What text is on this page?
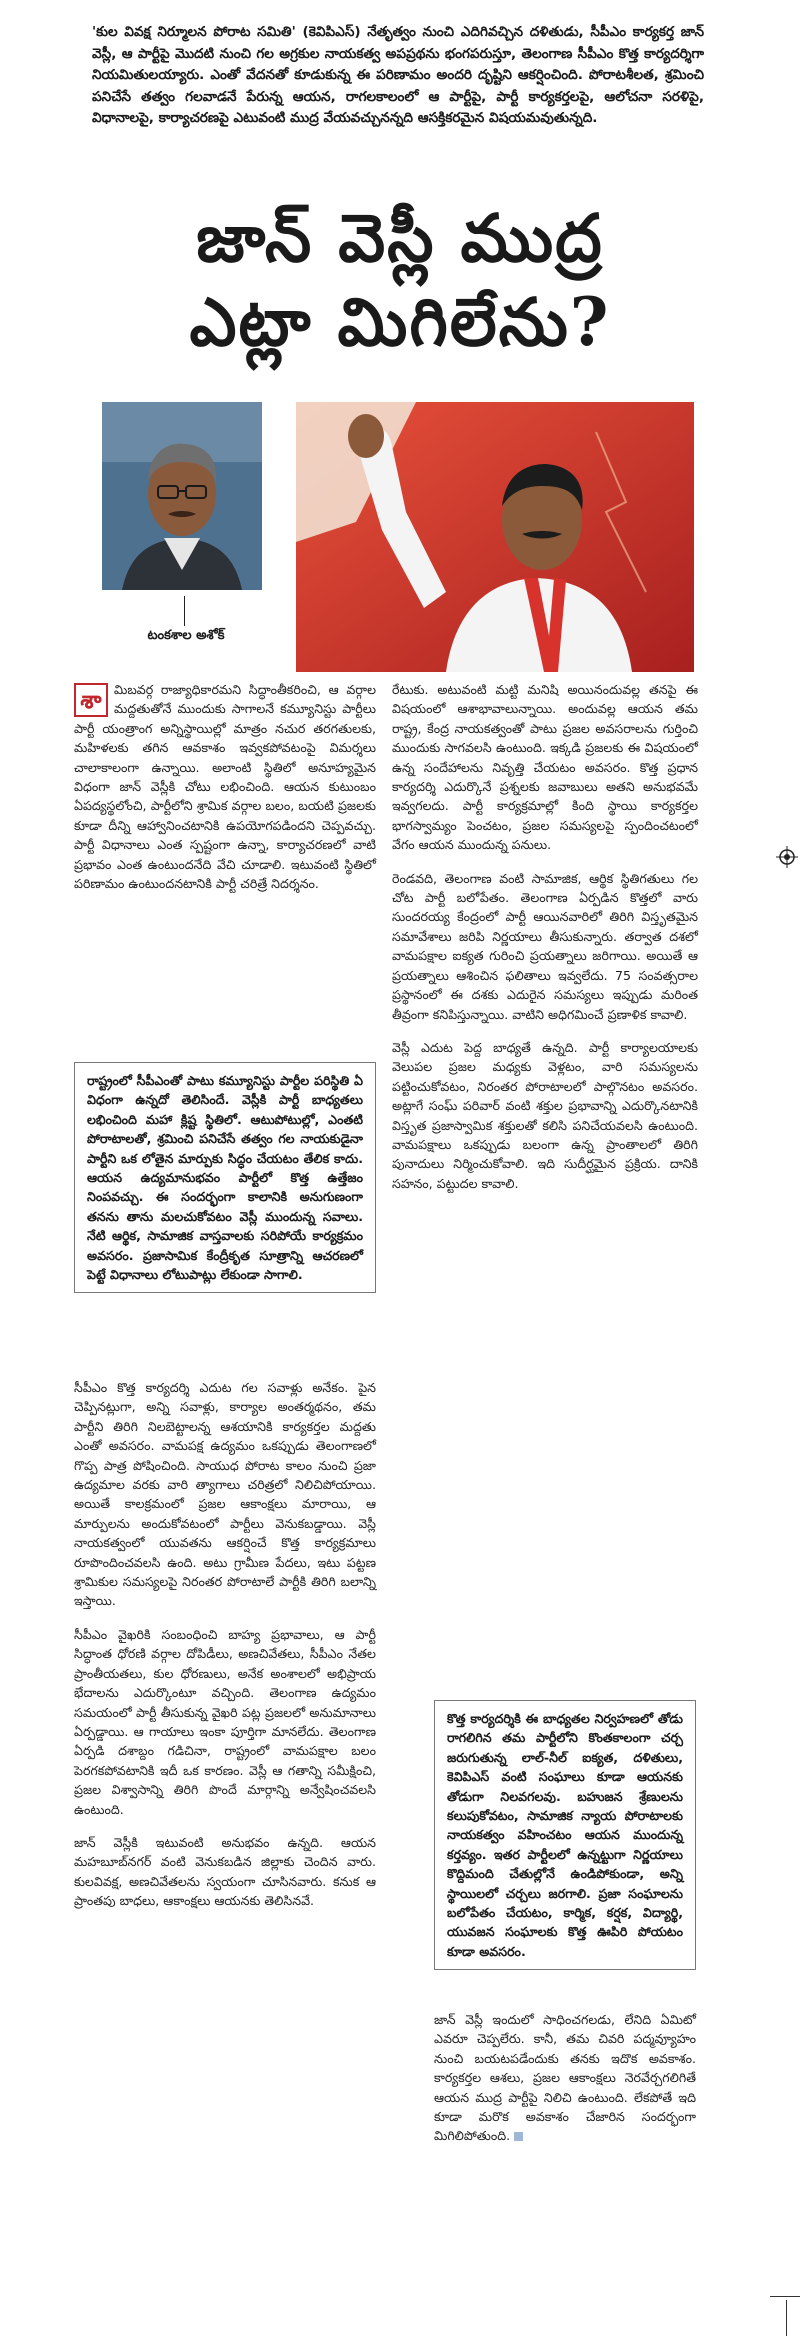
'కుల వివక్ష నిర్మూలన పోరాట సమితి' (కెవిపిఎస్) నేతృత్వం నుంచి ఎదిగివచ్చిన దళితుడు, సీపీఎం కార్యకర్త జాన్ వెస్లీ, ఆ పార్టీపై మొదటి నుంచి గల అగ్రకుల నాయకత్వ అపప్రథను భంగపరుస్తూ, తెలంగాణ సీపీఎం కొత్త కార్యదర్శిగా నియమితులయ్యారు. ఎంతో వేదనతో కూడుకున్న ఈ పరిణామం అందరి దృష్టిని ఆకర్షించింది. పోరాటశీలత, శ్రమించి పనిచేసే తత్వం గలవాడనే పేరున్న ఆయన, రాగలకాలంలో ఆ పార్టీపై, పార్టీ కార్యకర్తలపై, ఆలోచనా సరళిపై, విధానాలపై, కార్యాచరణపై ఎటువంటి ముద్ర వేయవచ్చునన్నది ఆసక్తికరమైన విషయమవుతున్నది.
జాన్ వెస్లీ ముద్ర
ఎట్లా మిగిలేను?
టంకశాల అశోక్

శా మిబవర్గ రాజ్యాధికారమని సిద్ధాంతీకరించి, ఆ వర్గాల మద్దతుతోనే ముందుకు సాగాలనే కమ్యూనిస్టు పార్టీలు పార్టీ యంత్రాంగ అన్నిస్థాయిల్లో మాత్రం నచుర తరగతులకు, మహిళలకు తగిన ఆవకాశం ఇవ్వకపోవటంపై విమర్శలు చాలాకాలంగా ఉన్నాయి. అలాంటి స్థితిలో అనూహ్యమైన విధంగా జాన్ వెస్లీకి చోటు లభించింది. ఆయన కుటుంబం ఏపద్యస్థలోంచి, పార్టీలోని శ్రామిక వర్గాల బలం, బయటి ప్రజలకు కూడా దీన్ని ఆహ్వానించటానికి ఉపయోగపడిందని చెప్పవచ్చు. పార్టీ విధానాలు ఎంత స్పష్టంగా ఉన్నా, కార్యాచరణలో వాటి ప్రభావం ఎంత ఉంటుందనేది వేచి చూడాలి. ఇటువంటి స్థితిలో పరిణామం ఉంటుందనటానికి పార్టీ చరిత్రే నిదర్శనం.

రాష్ట్రంలో సీపీఎంతో పాటు కమ్యూనిస్టు పార్టీల పరిస్థితి ఏ విధంగా ఉన్నదో తెలిసిందే. వెస్లీకి పార్టీ బాధ్యతలు లభించింది మహా క్లిష్ట స్థితిలో. ఆటుపోటుల్లో, ఎంతటి పోరాటాలతో, శ్రమించి పనిచేసే తత్వం గల నాయకుడైనా పార్టీని ఒక లోతైన మార్పుకు సిద్ధం చేయటం తేలిక కాదు. ఆయన ఉద్యమానుభవం పార్టీలో కొత్త ఉత్తేజం నింపవచ్చు. ఈ సందర్భంగా కాలానికి అనుగుణంగా తనను తాను మలచుకోవటం వెస్లీ ముందున్న సవాలు. నేటి ఆర్థిక, సామాజిక వాస్తవాలకు సరిపోయే కార్యక్రమం అవసరం. ప్రజాసామిక కేంద్రీకృత సూత్రాన్ని ఆచరణలో పెట్టే విధానాలు లోటుపాట్లు లేకుండా సాగాలి.

సీపీఎం కొత్త కార్యదర్శి ఎదుట గల సవాళ్లు అనేకం. పైన చెప్పినట్లుగా, అన్ని సవాళ్లు, కార్యాల అంతర్మథనం, తమ పార్టీని తిరిగి నిలబెట్టాలన్న ఆశయానికి కార్యకర్తల మద్దతు ఎంతో అవసరం. వామపక్ష ఉద్యమం ఒకప్పుడు తెలంగాణలో గొప్ప పాత్ర పోషించింది. సాయుధ పోరాట కాలం నుంచి ప్రజా ఉద్యమాల వరకు వారి త్యాగాలు చరిత్రలో నిలిచిపోయాయి. అయితే కాలక్రమంలో ప్రజల ఆకాంక్షలు మారాయి, ఆ మార్పులను అందుకోవటంలో పార్టీలు వెనుకబడ్డాయి. వెస్లీ నాయకత్వంలో యువతను ఆకర్షించే కొత్త కార్యక్రమాలు రూపొందించవలసి ఉంది. అటు గ్రామీణ పేదలు, ఇటు పట్టణ శ్రామికుల సమస్యలపై నిరంతర పోరాటాలే పార్టీకి తిరిగి బలాన్ని ఇస్తాయి.

సీపీఎం వైఖరికి సంబంధించి బాహ్య ప్రభావాలు, ఆ పార్టీ సిద్ధాంత ధోరణి వర్గాల దోపిడీలు, అణచివేతలు, సీపీఎం నేతల ప్రాంతీయతలు, కుల ధోరణులు, అనేక అంశాలలో అభిప్రాయ భేదాలను ఎదుర్కొంటూ వచ్చింది. తెలంగాణ ఉద్యమం సమయంలో పార్టీ తీసుకున్న వైఖరి పట్ల ప్రజలలో అనుమానాలు ఏర్పడ్డాయి. ఆ గాయాలు ఇంకా పూర్తిగా మానలేదు. తెలంగాణ ఏర్పడి దశాబ్దం గడిచినా, రాష్ట్రంలో వామపక్షాల బలం పెరగకపోవటానికి ఇదీ ఒక కారణం. వెస్లీ ఆ గతాన్ని సమీక్షించి, ప్రజల విశ్వాసాన్ని తిరిగి పొందే మార్గాన్ని అన్వేషించవలసి ఉంటుంది.

జాన్ వెస్లీకి ఇటువంటి అనుభవం ఉన్నది. ఆయన మహబూబ్‌నగర్ వంటి వెనుకబడిన జిల్లాకు చెందిన వారు. కులవివక్ష, అణచివేతలను స్వయంగా చూసినవారు. కనుక ఆ ప్రాంతపు బాధలు, ఆకాంక్షలు ఆయనకు తెలిసినవే.

రేటుకు. అటువంటి మట్టి మనిషి అయినందువల్ల తనపై ఈ విషయంలో ఆశాభావాలున్నాయి. అందువల్ల ఆయన తమ రాష్ట్ర, కేంద్ర నాయకత్వంతో పాటు ప్రజల అవసరాలను గుర్తించి ముందుకు సాగవలసి ఉంటుంది. ఇక్కడి ప్రజలకు ఈ విషయంలో ఉన్న సందేహాలను నివృత్తి చేయటం అవసరం. కొత్త ప్రధాన కార్యదర్శి ఎదుర్కొనే ప్రశ్నలకు జవాబులు అతని అనుభవమే ఇవ్వగలదు. పార్టీ కార్యక్రమాల్లో కింది స్థాయి కార్యకర్తల భాగస్వామ్యం పెంచటం, ప్రజల సమస్యలపై స్పందించటంలో వేగం ఆయన ముందున్న పనులు.

రెండవది, తెలంగాణ వంటి సామాజిక, ఆర్థిక స్థితిగతులు గల చోట పార్టీ బలోపేతం. తెలంగాణ ఏర్పడిన కొత్తలో వారు సుందరయ్య కేంద్రంలో పార్టీ ఆయినవారిలో తిరిగి విస్తృతమైన సమావేశాలు జరిపి నిర్ణయాలు తీసుకున్నారు. తర్వాత దశలో వామపక్షాల ఐక్యత గురించి ప్రయత్నాలు జరిగాయి. అయితే ఆ ప్రయత్నాలు ఆశించిన ఫలితాలు ఇవ్వలేదు. 75 సంవత్సరాల ప్రస్థానంలో ఈ దశకు ఎదురైన సమస్యలు ఇప్పుడు మరింత తీవ్రంగా కనిపిస్తున్నాయి. వాటిని అధిగమించే ప్రణాళిక కావాలి.

వెస్లీ ఎదుట పెద్ద బాధ్యతే ఉన్నది. పార్టీ కార్యాలయాలకు వెలుపల ప్రజల మధ్యకు వెళ్లటం, వారి సమస్యలను పట్టించుకోవటం, నిరంతర పోరాటాలలో పాల్గొనటం అవసరం. అట్లాగే సంఘ్ పరివార్ వంటి శక్తుల ప్రభావాన్ని ఎదుర్కొనటానికి విస్తృత ప్రజాస్వామిక శక్తులతో కలిసి పనిచేయవలసి ఉంటుంది. వామపక్షాలు ఒకప్పుడు బలంగా ఉన్న ప్రాంతాలలో తిరిగి పునాదులు నిర్మించుకోవాలి. ఇది సుదీర్ఘమైన ప్రక్రియ. దానికి సహనం, పట్టుదల కావాలి.

కొత్త కార్యదర్శికి ఈ బాధ్యతల నిర్వహణలో తోడు రాగలిగిన తమ పార్టీలోని కొంతకాలంగా చర్చ జరుగుతున్న లాల్-నీల్ ఐక్యత, దళితులు, కెవిపిఎస్ వంటి సంఘాలు కూడా ఆయనకు తోడుగా నిలవగలవు. బహుజన శ్రేణులను కలుపుకోవటం, సామాజిక న్యాయ పోరాటాలకు నాయకత్వం వహించటం ఆయన ముందున్న కర్తవ్యం. ఇతర పార్టీలలో ఉన్నట్టుగా నిర్ణయాలు కొద్దిమంది చేతుల్లోనే ఉండిపోకుండా, అన్ని స్థాయిలలో చర్చలు జరగాలి. ప్రజా సంఘాలను బలోపేతం చేయటం, కార్మిక, కర్షక, విద్యార్థి, యువజన సంఘాలకు కొత్త ఊపిరి పోయటం కూడా అవసరం.

జాన్ వెస్లీ ఇందులో సాధించగలడు, లేనిది ఏమిటో ఎవరూ చెప్పలేరు. కానీ, తమ చివరి పద్మవ్యూహం నుంచి బయటపడేందుకు తనకు ఇదొక అవకాశం. కార్యకర్తల ఆశలు, ప్రజల ఆకాంక్షలు నెరవేర్చగలిగితే ఆయన ముద్ర పార్టీపై నిలిచి ఉంటుంది. లేకపోతే ఇది కూడా మరొక అవకాశం చేజారిన సందర్భంగా మిగిలిపోతుంది.
